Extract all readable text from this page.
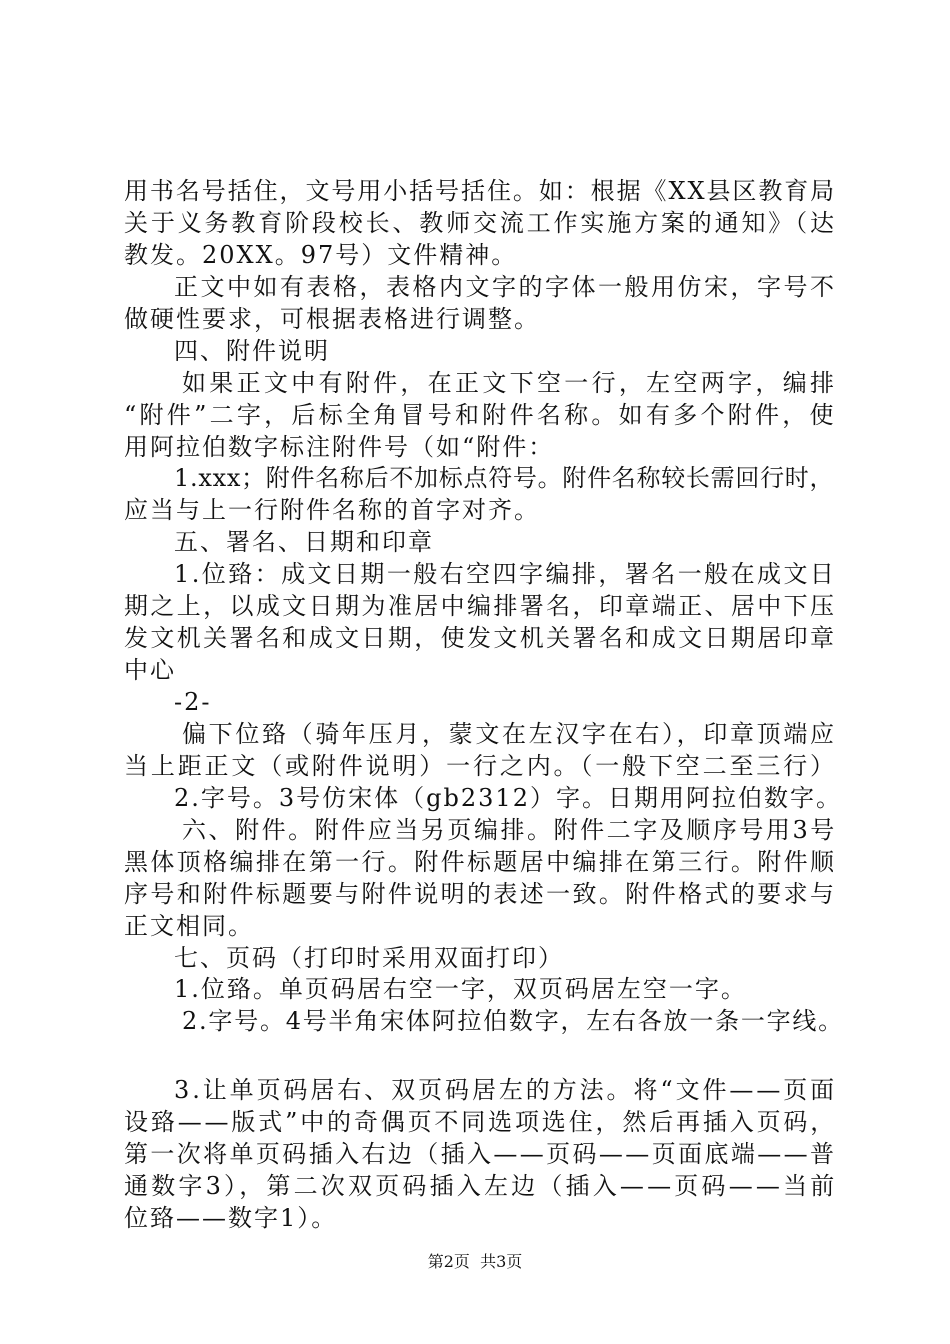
用书名号括住，文号用小括号括住。如：根据《XX县区教育局
关于义务教育阶段校长、教师交流工作实施方案的通知》（达
教发。20XX。97号）文件精神。
正文中如有表格，表格内文字的字体一般用仿宋，字号不
做硬性要求，可根据表格进行调整。
四、附件说明
如果正文中有附件，在正文下空一行，左空两字，编排
“附件”二字，后标全角冒号和附件名称。如有多个附件，使
用阿拉伯数字标注附件号（如“附件：
1.xxx；附件名称后不加标点符号。附件名称较长需回行时，
应当与上一行附件名称的首字对齐。
五、署名、日期和印章
1.位臵：成文日期一般右空四字编排，署名一般在成文日
期之上，以成文日期为准居中编排署名，印章端正、居中下压
发文机关署名和成文日期，使发文机关署名和成文日期居印章
中心
-2-
偏下位臵（骑年压月，蒙文在左汉字在右），印章顶端应
当上距正文（或附件说明）一行之内。（一般下空二至三行）
2.字号。3号仿宋体（gb2312）字。日期用阿拉伯数字。
六、附件。附件应当另页编排。附件二字及顺序号用3号
黑体顶格编排在第一行。附件标题居中编排在第三行。附件顺
序号和附件标题要与附件说明的表述一致。附件格式的要求与
正文相同。
七、页码（打印时采用双面打印）
1.位臵。单页码居右空一字，双页码居左空一字。
2.字号。4号半角宋体阿拉伯数字，左右各放一条一字线。
3.让单页码居右、双页码居左的方法。将“文件——页面
设臵——版式”中的奇偶页不同选项选住，然后再插入页码，
第一次将单页码插入右边（插入——页码——页面底端——普
通数字3），第二次双页码插入左边（插入——页码——当前
位臵——数字1）。
第2页  共3页
